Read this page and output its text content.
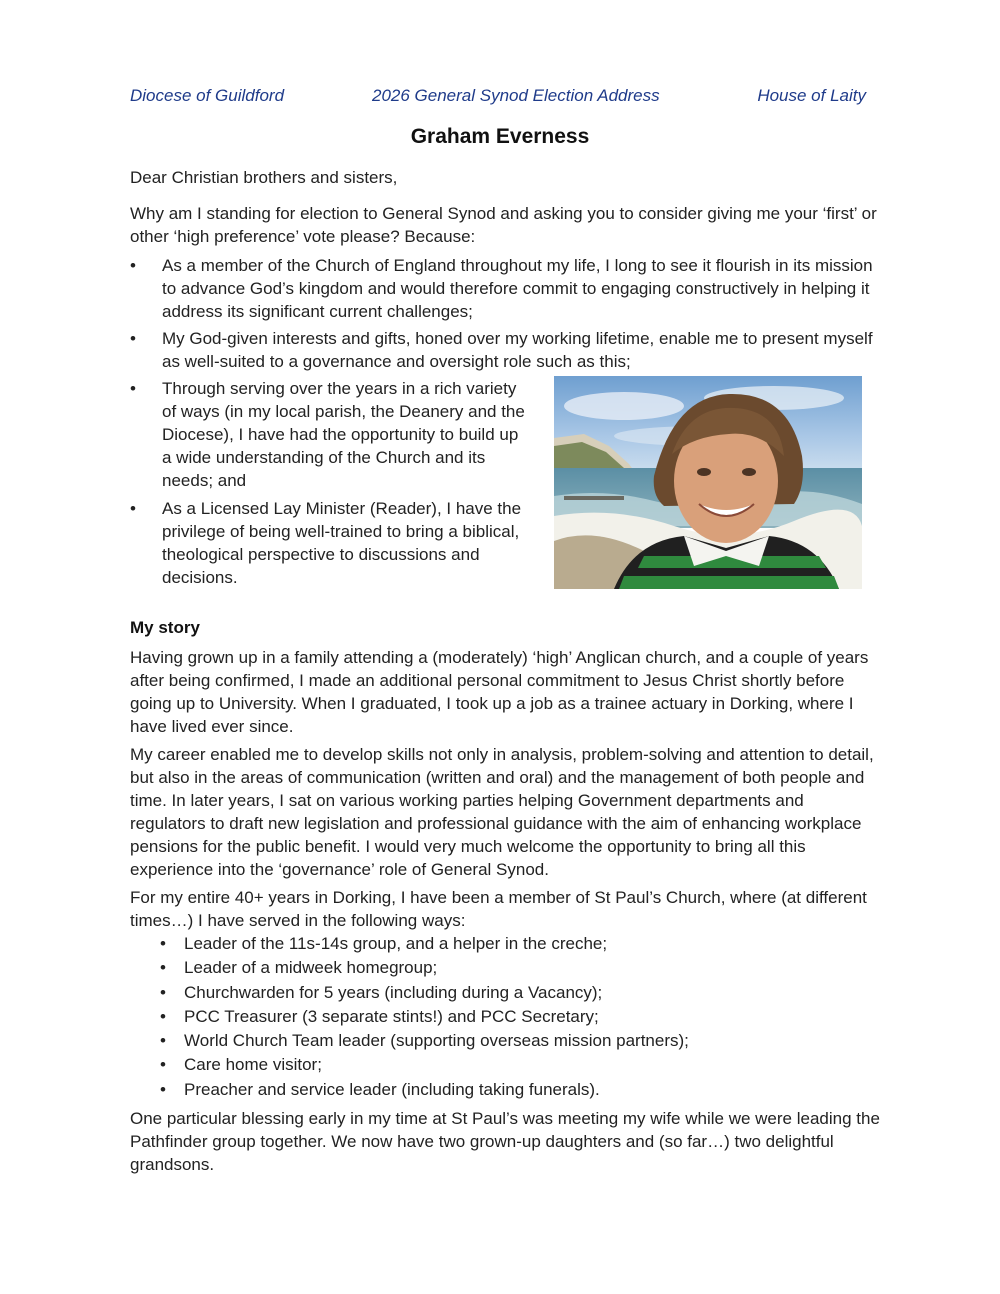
Diocese of Guildford	2026 General Synod Election Address	House of Laity
Graham Everness
Dear Christian brothers and sisters,
Why am I standing for election to General Synod and asking you to consider giving me your ‘first’ or other ‘high preference’ vote please? Because:
• As a member of the Church of England throughout my life, I long to see it flourish in its mission to advance God’s kingdom and would therefore commit to engaging constructively in helping it address its significant current challenges;
• My God-given interests and gifts, honed over my working lifetime, enable me to present myself as well-suited to a governance and oversight role such as this;
• Through serving over the years in a rich variety of ways (in my local parish, the Deanery and the Diocese), I have had the opportunity to build up a wide understanding of the Church and its needs; and
• As a Licensed Lay Minister (Reader), I have the privilege of being well-trained to bring a biblical, theological perspective to discussions and decisions.
My story
Having grown up in a family attending a (moderately) ‘high’ Anglican church, and a couple of years after being confirmed, I made an additional personal commitment to Jesus Christ shortly before going up to University. When I graduated, I took up a job as a trainee actuary in Dorking, where I have lived ever since.
My career enabled me to develop skills not only in analysis, problem-solving and attention to detail, but also in the areas of communication (written and oral) and the management of both people and time. In later years, I sat on various working parties helping Government departments and regulators to draft new legislation and professional guidance with the aim of enhancing workplace pensions for the public benefit. I would very much welcome the opportunity to bring all this experience into the ‘governance’ role of General Synod.
For my entire 40+ years in Dorking, I have been a member of St Paul’s Church, where (at different times…) I have served in the following ways:
• Leader of the 11s-14s group, and a helper in the creche;
• Leader of a midweek homegroup;
• Churchwarden for 5 years (including during a Vacancy);
• PCC Treasurer (3 separate stints!) and PCC Secretary;
• World Church Team leader (supporting overseas mission partners);
• Care home visitor;
• Preacher and service leader (including taking funerals).
One particular blessing early in my time at St Paul’s was meeting my wife while we were leading the Pathfinder group together. We now have two grown-up daughters and (so far…) two delightful grandsons.
